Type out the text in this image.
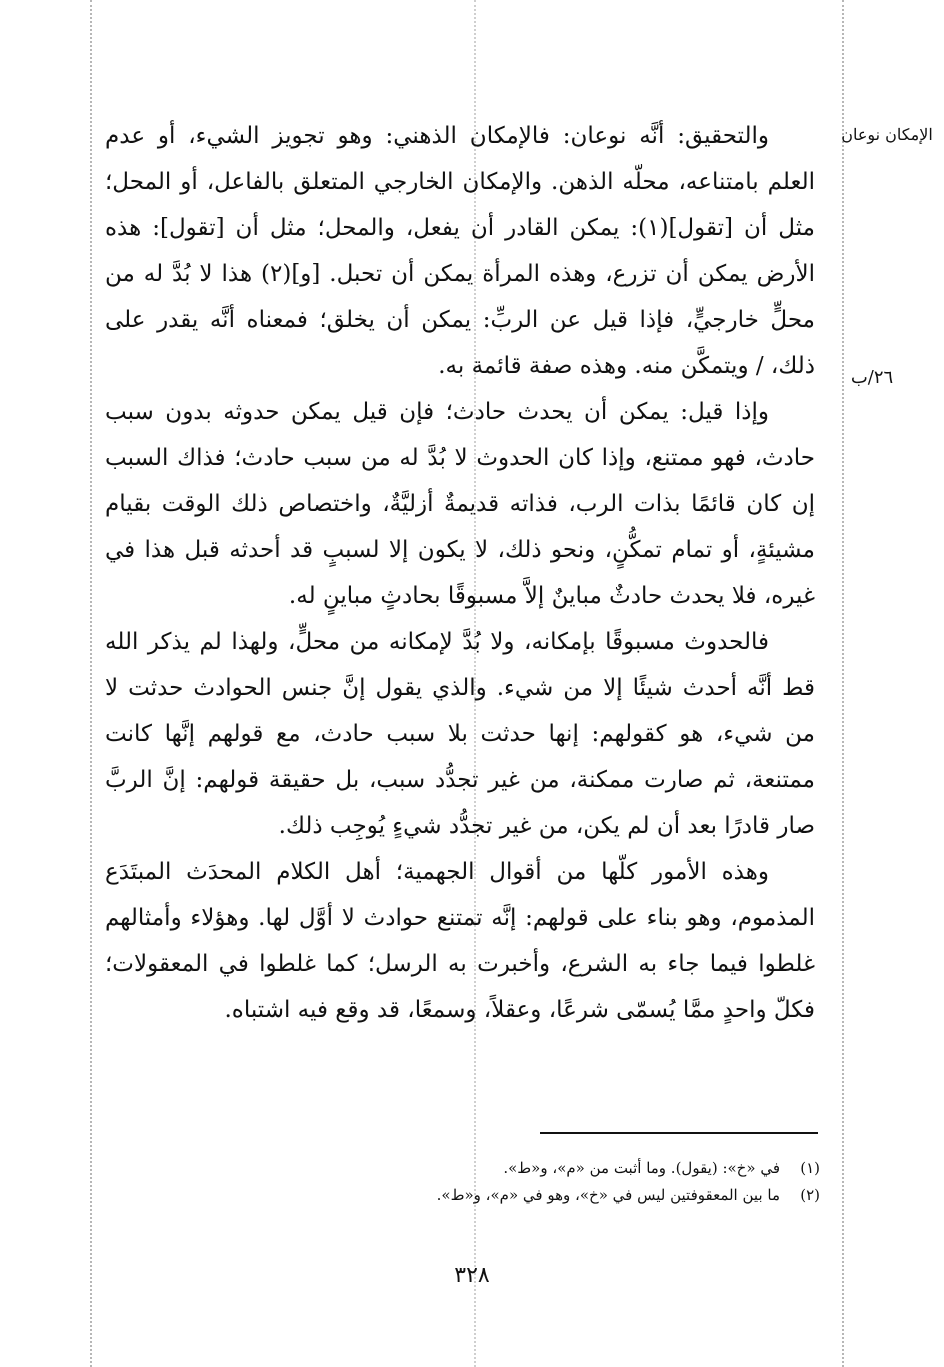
الإمكان نوعان
٢٦/ب

والتحقيق: أنَّه نوعان: فالإمكان الذهني: وهو تجويز الشيء، أو عدم العلم بامتناعه، محلّه الذهن. والإمكان الخارجي المتعلق بالفاعل، أو المحل؛ مثل أن [تقول](١): يمكن القادر أن يفعل، والمحل؛ مثل أن [تقول]: هذه الأرض يمكن أن تزرع، وهذه المرأة يمكن أن تحبل. [و](٢) هذا لا بُدَّ له من محلٍّ خارجيٍّ، فإذا قيل عن الربِّ: يمكن أن يخلق؛ فمعناه أنَّه يقدر على ذلك، / ويتمكَّن منه. وهذه صفة قائمة به.

وإذا قيل: يمكن أن يحدث حادث؛ فإن قيل يمكن حدوثه بدون سبب حادث، فهو ممتنع، وإذا كان الحدوث لا بُدَّ له من سبب حادث؛ فذاك السبب إن كان قائمًا بذات الرب، فذاته قديمةٌ أزليَّةٌ، واختصاص ذلك الوقت بقيام مشيئةٍ، أو تمام تمكُّنٍ، ونحو ذلك، لا يكون إلا لسببٍ قد أحدثه قبل هذا في غيره، فلا يحدث حادثٌ مباينٌ إلاَّ مسبوقًا بحادثٍ مباينٍ له.

فالحدوث مسبوقًا بإمكانه، ولا بُدَّ لإمكانه من محلٍّ، ولهذا لم يذكر الله قط أنَّه أحدث شيئًا إلا من شيء. والذي يقول إنَّ جنس الحوادث حدثت لا من شيء، هو كقولهم: إنها حدثت بلا سبب حادث، مع قولهم إنَّها كانت ممتنعة، ثم صارت ممكنة، من غير تجدُّد سبب، بل حقيقة قولهم: إنَّ الربَّ صار قادرًا بعد أن لم يكن، من غير تجدُّد شيءٍ يُوجِب ذلك.

وهذه الأمور كلّها من أقوال الجهمية؛ أهل الكلام المحدَث المبتَدَع المذموم، وهو بناء على قولهم: إنَّه تمتنع حوادث لا أوَّل لها. وهؤلاء وأمثالهم غلطوا فيما جاء به الشرع، وأخبرت به الرسل؛ كما غلطوا في المعقولات؛ فكلّ واحدٍ ممَّا يُسمّى شرعًا، وعقلاً، وسمعًا، قد وقع فيه اشتباه.

(١)
في «خ»: (يقول). وما أثبت من «م»، و«ط».
(٢)
ما بين المعقوفتين ليس في «خ»، وهو في «م»، و«ط».
٣٢٨
